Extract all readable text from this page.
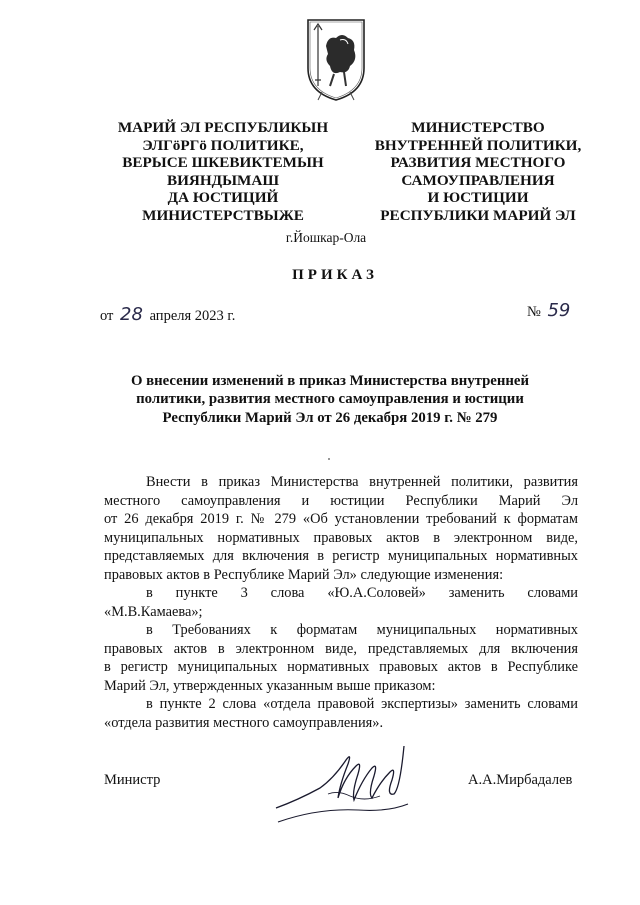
МАРИЙ ЭЛ РЕСПУБЛИКЫН
ЭЛГӧРГӧ ПОЛИТИКЕ,
ВЕРЫСЕ ШКЕВИКТЕМЫН
ВИЯНДЫМАШ
ДА ЮСТИЦИЙ
МИНИСТЕРСТВЫЖЕ
МИНИСТЕРСТВО
ВНУТРЕННЕЙ ПОЛИТИКИ,
РАЗВИТИЯ МЕСТНОГО
САМОУПРАВЛЕНИЯ
И ЮСТИЦИИ
РЕСПУБЛИКИ МАРИЙ ЭЛ
г.Йошкар-Ола
ПРИКАЗ
от 28 апреля 2023 г.	№ 59
О внесении изменений в приказ Министерства внутренней
политики, развития местного самоуправления и юстиции
Республики Марий Эл от 26 декабря 2019 г. № 279
Внести в приказ Министерства внутренней политики, развития
местного самоуправления и юстиции Республики Марий Эл
от 26 декабря 2019 г. № 279 «Об установлении требований к форматам
муниципальных нормативных правовых актов в электронном виде,
представляемых для включения в регистр муниципальных нормативных
правовых актов в Республике Марий Эл» следующие изменения:
в пункте 3 слова «Ю.А.Соловей» заменить словами
«М.В.Камаева»;
в Требованиях к форматам муниципальных нормативных
правовых актов в электронном виде, представляемых для включения
в регистр муниципальных нормативных правовых актов в Республике
Марий Эл, утвержденных указанным выше приказом:
в пункте 2 слова «отдела правовой экспертизы» заменить словами
«отдела развития местного самоуправления».
Министр	А.А.Мирбадалев
